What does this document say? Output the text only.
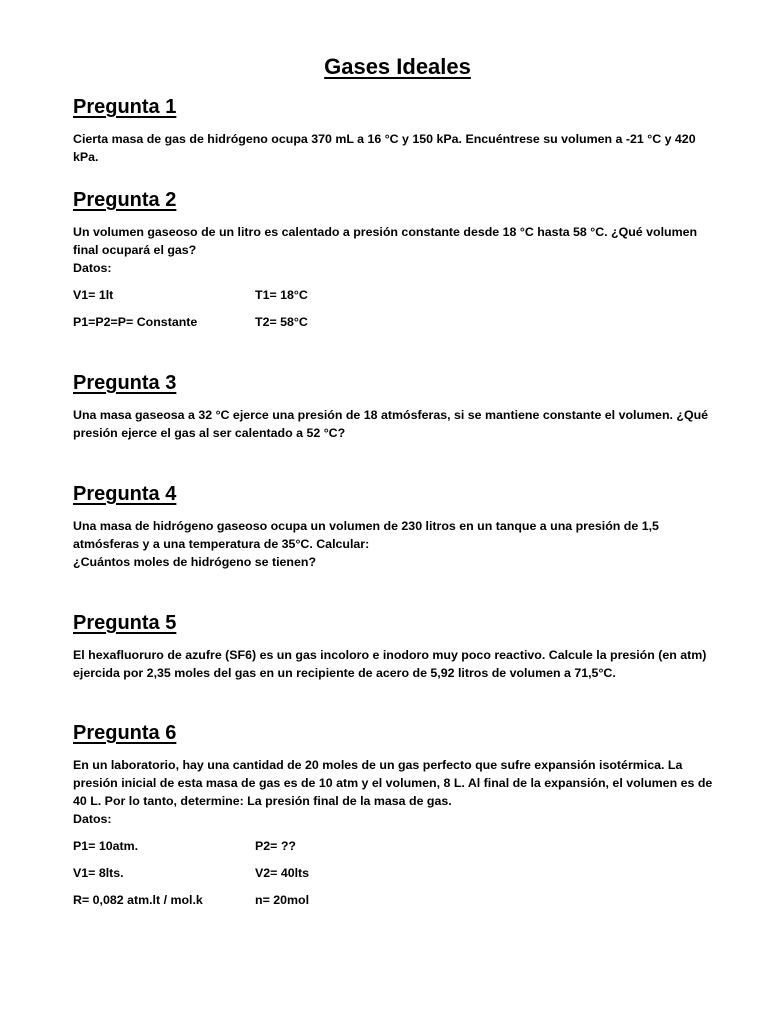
Gases Ideales
Pregunta 1

Cierta masa de gas de hidrógeno ocupa 370 mL a 16 °C y 150 kPa. Encuéntrese su volumen a -21 °C y 420 kPa.

Pregunta 2

Un volumen gaseoso de un litro es calentado a presión constante desde 18 °C hasta 58 °C. ¿Qué volumen final ocupará el gas?

Datos:

V1= 1lt	T1= 18°C
P1=P2=P= Constante	T2= 58°C
Pregunta 3

Una masa gaseosa a 32 °C ejerce una presión de 18 atmósferas, si se mantiene constante el volumen. ¿Qué presión ejerce el gas al ser calentado a 52 °C?

Pregunta 4

Una masa de hidrógeno gaseoso ocupa un volumen de 230 litros en un tanque a una presión de 1,5 atmósferas y a una temperatura de 35°C. Calcular:

¿Cuántos moles de hidrógeno se tienen?

Pregunta 5

El hexafluoruro de azufre (SF6) es un gas incoloro e inodoro muy poco reactivo. Calcule la presión (en atm) ejercida por 2,35 moles del gas en un recipiente de acero de 5,92 litros de volumen a 71,5°C.

Pregunta 6

En un laboratorio, hay una cantidad de 20 moles de un gas perfecto que sufre expansión isotérmica. La presión inicial de esta masa de gas es de 10 atm y el volumen, 8 L. Al final de la expansión, el volumen es de 40 L. Por lo tanto, determine: La presión final de la masa de gas.

Datos:

P1= 10atm.	P2= ??
V1= 8lts.	V2= 40lts
R= 0,082 atm.lt / mol.k	n= 20mol
